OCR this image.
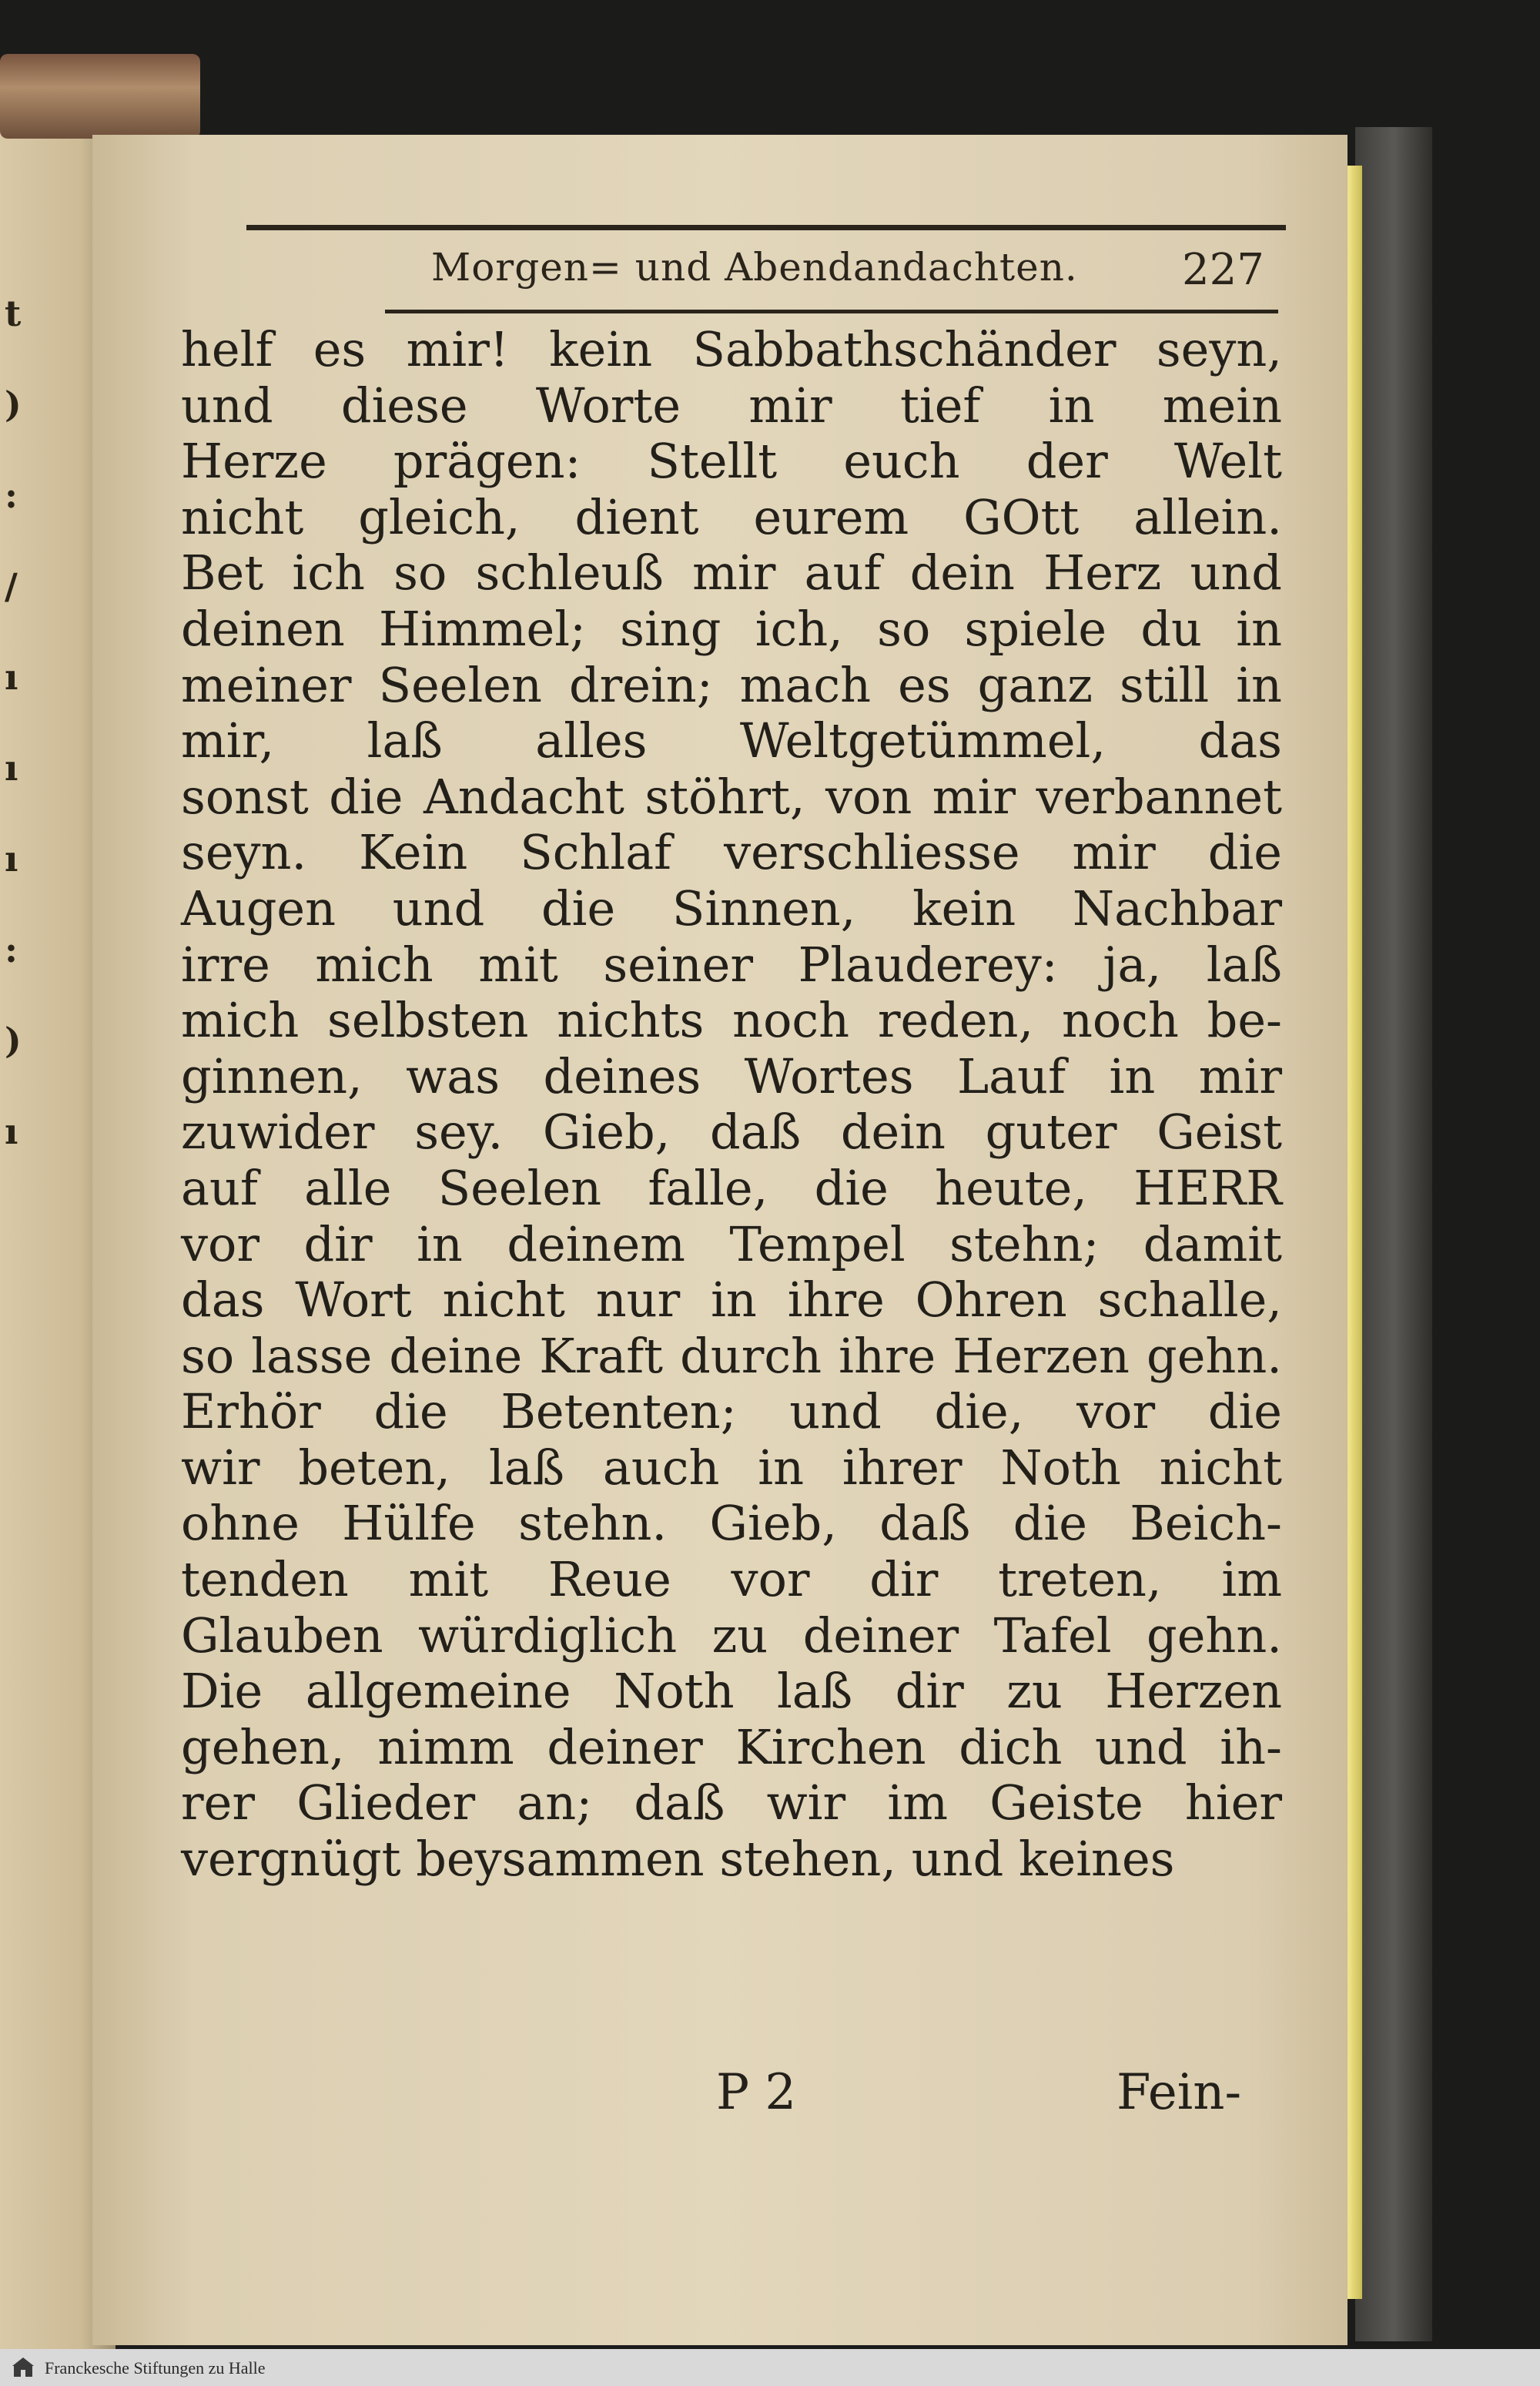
t
)
:
/
ı
ı
ı
:
)
ı
Morgen= und Abendandachten.	227
helf es mir! kein Sabbathschänder seyn,
und diese Worte mir tief in mein
Herze prägen: Stellt euch der Welt
nicht gleich, dient eurem GOtt allein.
Bet ich so schleuß mir auf dein Herz und
deinen Himmel; sing ich, so spiele du in
meiner Seelen drein; mach es ganz still in
mir, laß alles Weltgetümmel, das
sonst die Andacht stöhrt, von mir verbannet
seyn. Kein Schlaf verschliesse mir die
Augen und die Sinnen, kein Nachbar
irre mich mit seiner Plauderey: ja, laß
mich selbsten nichts noch reden, noch be-
ginnen, was deines Wortes Lauf in mir
zuwider sey. Gieb, daß dein guter Geist
auf alle Seelen falle, die heute, HERR
vor dir in deinem Tempel stehn; damit
das Wort nicht nur in ihre Ohren schalle,
so lasse deine Kraft durch ihre Herzen gehn.
Erhör die Betenten; und die, vor die
wir beten, laß auch in ihrer Noth nicht
ohne Hülfe stehn. Gieb, daß die Beich-
tenden mit Reue vor dir treten, im
Glauben würdiglich zu deiner Tafel gehn.
Die allgemeine Noth laß dir zu Herzen
gehen, nimm deiner Kirchen dich und ih-
rer Glieder an; daß wir im Geiste hier
vergnügt beysammen stehen, und keines
P 2	Fein-
Franckesche Stiftungen zu Halle
